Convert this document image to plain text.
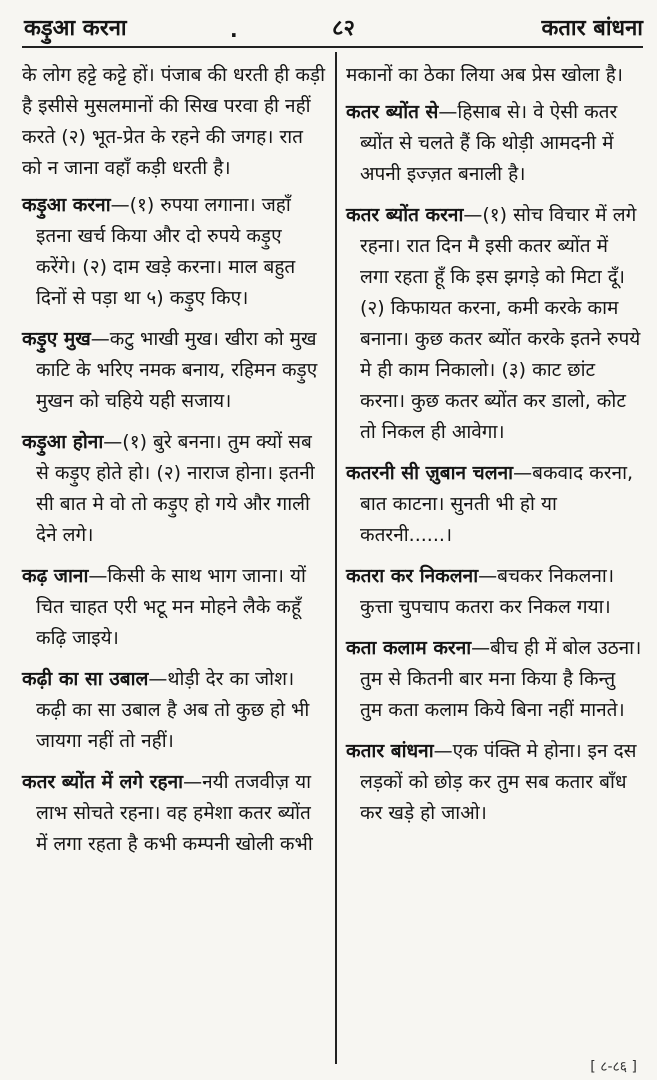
कड़ुआ करना	.	८२	कतार बांधना

के लोग हट्टे कट्टे हों। पंजाब की धरती ही कड़ी है इसीसे मुसलमानों की सिख परवा ही नहीं करते (२) भूत-प्रेत के रहने की जगह। रात को न जाना वहाँ कड़ी धरती है।

कड़ुआ करना—(१) रुपया लगाना। जहाँ इतना खर्च किया और दो रुपये कड़ुए करेंगे। (२) दाम खड़े करना। माल बहुत दिनों से पड़ा था ५) कड़ुए किए।

कड़ुए मुख—कटु भाखी मुख। खीरा को मुख काटि के भरिए नमक बनाय, रहिमन कड़ुए मुखन को चहिये यही सजाय।

कड़ुआ होना—(१) बुरे बनना। तुम क्यों सब से कड़ुए होते हो। (२) नाराज होना। इतनी सी बात मे वो तो कड़ुए हो गये और गाली देने लगे।

कढ़ जाना—किसी के साथ भाग जाना। यों चित चाहत एरी भटू मन मोहने लैके कहूँ कढ़ि जाइये।

कढ़ी का सा उबाल—थोड़ी देर का जोश। कढ़ी का सा उबाल है अब तो कुछ हो भी जायगा नहीं तो नहीं।

कतर ब्योंत में लगे रहना—नयी तजवीज़ या लाभ सोचते रहना। वह हमेशा कतर ब्योंत में लगा रहता है कभी कम्पनी खोली कभी

मकानों का ठेका लिया अब प्रेस खोला है।

कतर ब्योंत से—हिसाब से। वे ऐसी कतर ब्योंत से चलते हैं कि थोड़ी आमदनी में अपनी इज्ज़त बनाली है।

कतर ब्योंत करना—(१) सोच विचार में लगे रहना। रात दिन मै इसी कतर ब्योंत में लगा रहता हूँ कि इस झगड़े को मिटा दूँ। (२) किफायत करना, कमी करके काम बनाना। कुछ कतर ब्योंत करके इतने रुपये मे ही काम निकालो। (३) काट छांट करना। कुछ कतर ब्योंत कर डालो, कोट तो निकल ही आवेगा।

कतरनी सी ज़ुबान चलना—बकवाद करना, बात काटना। सुनती भी हो या कतरनी......।

कतरा कर निकलना—बचकर निकलना। कुत्ता चुपचाप कतरा कर निकल गया।

कता कलाम करना—बीच ही में बोल उठना। तुम से कितनी बार मना किया है किन्तु तुम कता कलाम किये बिना नहीं मानते।

कतार बांधना—एक पंक्ति मे होना। इन दस लड़कों को छोड़ कर तुम सब कतार बाँध कर खड़े हो जाओ।

[ ८-८६ ]
